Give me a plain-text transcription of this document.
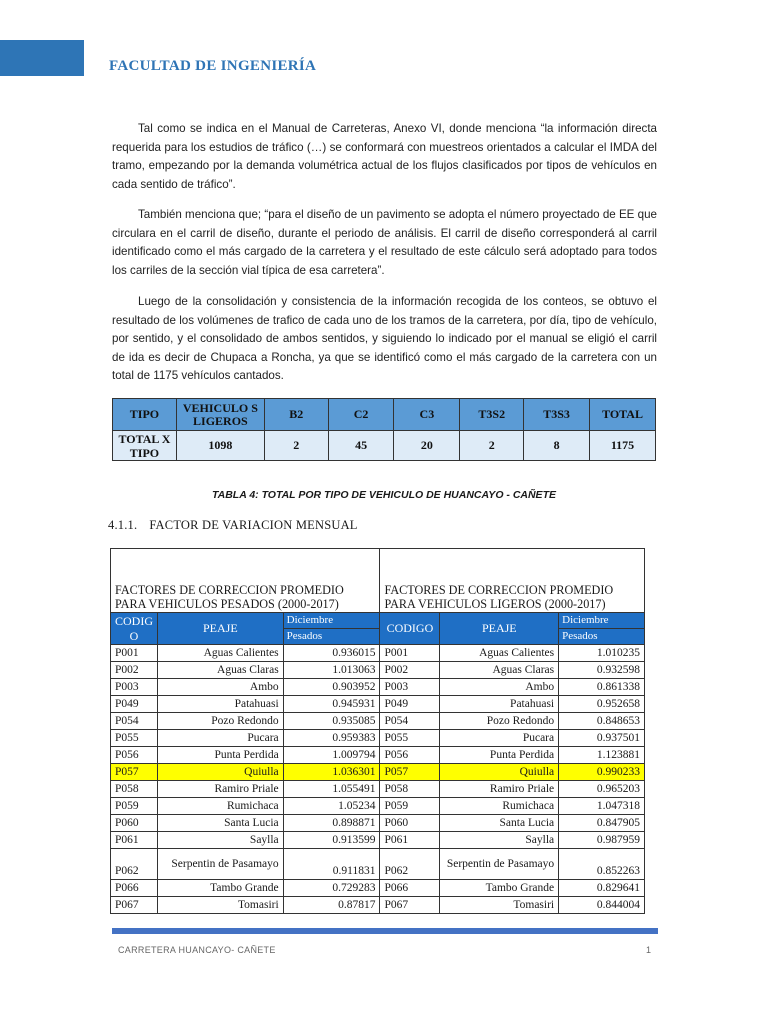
FACULTAD DE INGENIERÍA

Tal como se indica en el Manual de Carreteras, Anexo VI, donde menciona “la información directa requerida para los estudios de tráfico (…) se conformará con muestreos orientados a calcular el IMDA del tramo, empezando por la demanda volumétrica actual de los flujos clasificados por tipos de vehículos en cada sentido de tráfico”.

También menciona que; “para el diseño de un pavimento se adopta el número proyectado de EE que circulara en el carril de diseño, durante el periodo de análisis. El carril de diseño corresponderá al carril identificado como el más cargado de la carretera y el resultado de este cálculo será adoptado para todos los carriles de la sección vial típica de esa carretera”.

Luego de la consolidación y consistencia de la información recogida de los conteos, se obtuvo el resultado de los volúmenes de trafico de cada uno de los tramos de la carretera, por día, tipo de vehículo, por sentido, y el consolidado de ambos sentidos, y siguiendo lo indicado por el manual se eligió el carril de ida es decir de Chupaca a Roncha, ya que se identificó como el más cargado de la carretera con un total de 1175 vehículos cantados.

TIPO	VEHICULO S LIGEROS	B2	C2	C3	T3S2	T3S3	TOTAL
TOTAL X TIPO	1098	2	45	20	2	8	1175
TABLA 4: TOTAL POR TIPO DE VEHICULO DE HUANCAYO - CAÑETE
4.1.1. FACTOR DE VARIACION MENSUAL
FACTORES DE CORRECCION PROMEDIO PARA VEHICULOS PESADOS (2000-2017)			FACTORES DE CORRECCION PROMEDIO PARA VEHICULOS LIGEROS (2000-2017)		
CODIG O	PEAJE	Diciembre	CODIGO	PEAJE	Diciembre
		Pesados			Pesados
P001	Aguas Calientes	0.936015	P001	Aguas Calientes	1.010235
P002	Aguas Claras	1.013063	P002	Aguas Claras	0.932598
P003	Ambo	0.903952	P003	Ambo	0.861338
P049	Patahuasi	0.945931	P049	Patahuasi	0.952658
P054	Pozo Redondo	0.935085	P054	Pozo Redondo	0.848653
P055	Pucara	0.959383	P055	Pucara	0.937501
P056	Punta Perdida	1.009794	P056	Punta Perdida	1.123881
P057	Quiulla	1.036301	P057	Quiulla	0.990233
P058	Ramiro Priale	1.055491	P058	Ramiro Priale	0.965203
P059	Rumichaca	1.05234	P059	Rumichaca	1.047318
P060	Santa Lucia	0.898871	P060	Santa Lucia	0.847905
P061	Saylla	0.913599	P061	Saylla	0.987959
P062	Serpentin de Pasamayo	0.911831	P062	Serpentin de Pasamayo	0.852263
P066	Tambo Grande	0.729283	P066	Tambo Grande	0.829641
P067	Tomasiri	0.87817	P067	Tomasiri	0.844004
CARRETERA HUANCAYO- CAÑETE	1
